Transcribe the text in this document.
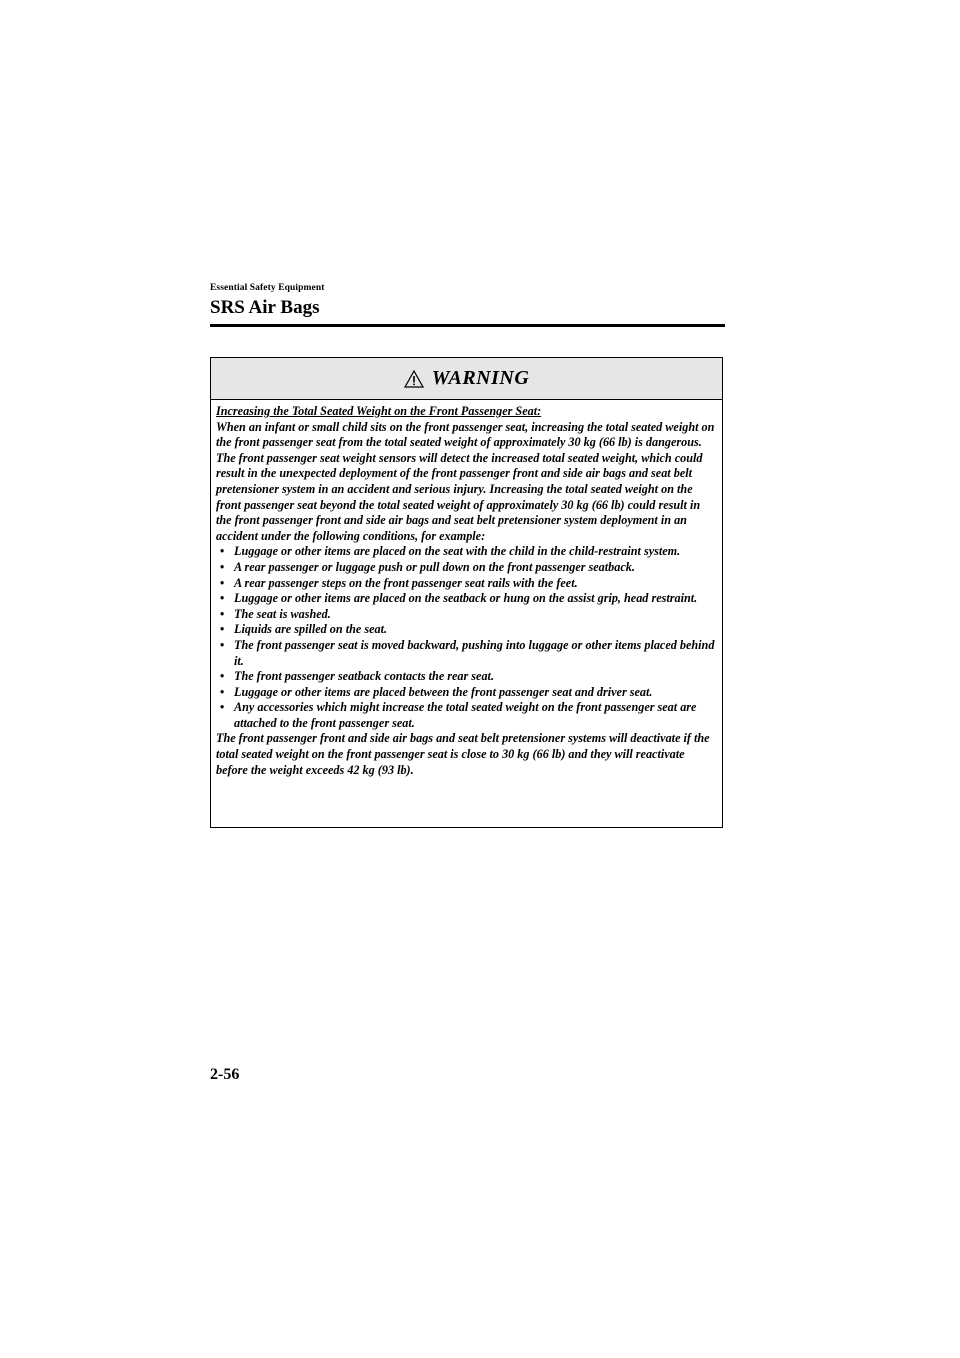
Essential Safety Equipment
SRS Air Bags
WARNING
Increasing the Total Seated Weight on the Front Passenger Seat:

When an infant or small child sits on the front passenger seat, increasing the total seated weight on the front passenger seat from the total seated weight of approximately 30 kg (66 lb) is dangerous. The front passenger seat weight sensors will detect the increased total seated weight, which could result in the unexpected deployment of the front passenger front and side air bags and seat belt pretensioner system in an accident and serious injury. Increasing the total seated weight on the front passenger seat beyond the total seated weight of approximately 30 kg (66 lb) could result in the front passenger front and side air bags and seat belt pretensioner system deployment in an accident under the following conditions, for example:

• Luggage or other items are placed on the seat with the child in the child-restraint system.
• A rear passenger or luggage push or pull down on the front passenger seatback.
• A rear passenger steps on the front passenger seat rails with the feet.
• Luggage or other items are placed on the seatback or hung on the assist grip, head restraint.
• The seat is washed.
• Liquids are spilled on the seat.
• The front passenger seat is moved backward, pushing into luggage or other items placed behind it.
• The front passenger seatback contacts the rear seat.
• Luggage or other items are placed between the front passenger seat and driver seat.
• Any accessories which might increase the total seated weight on the front passenger seat are attached to the front passenger seat.

The front passenger front and side air bags and seat belt pretensioner systems will deactivate if the total seated weight on the front passenger seat is close to 30 kg (66 lb) and they will reactivate before the weight exceeds 42 kg (93 lb).

2-56
